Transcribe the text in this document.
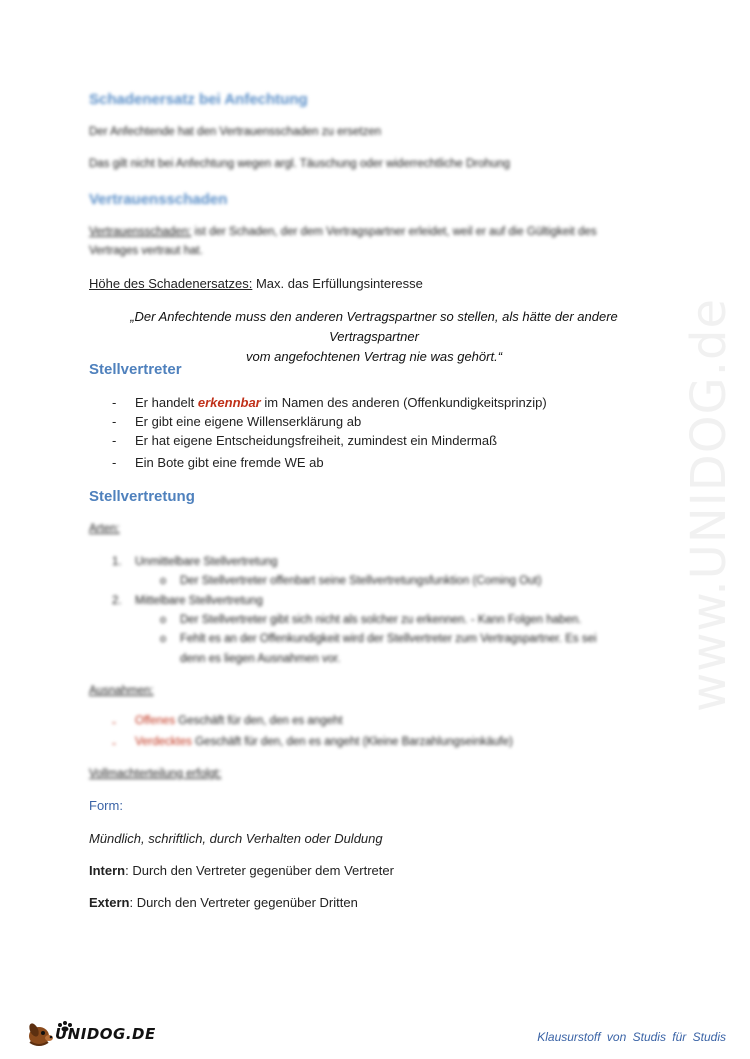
www.UNIDOG.de
Schadenersatz bei Anfechtung
Der Anfechtende hat den Vertrauensschaden zu ersetzen
Das gilt nicht bei Anfechtung wegen argl. Täuschung oder widerrechtliche Drohung
Vertrauensschaden
Vertrauensschaden: ist der Schaden, der dem Vertragspartner erleidet, weil er auf die Gültigkeit des
Vertrages vertraut hat.
Höhe des Schadenersatzes: Max. das Erfüllungsinteresse
„Der Anfechtende muss den anderen Vertragspartner so stellen, als hätte der andere Vertragspartner
vom angefochtenen Vertrag nie was gehört.“
Stellvertreter
- Er handelt erkennbar im Namen des anderen (Offenkundigkeitsprinzip)
- Er gibt eine eigene Willenserklärung ab
- Er hat eigene Entscheidungsfreiheit, zumindest ein Mindermaß
- Ein Bote gibt eine fremde WE ab
Stellvertretung
Arten:
1. Unmittelbare Stellvertretung
o Der Stellvertreter offenbart seine Stellvertretungsfunktion (Coming Out)
2. Mittelbare Stellvertretung
o Der Stellvertreter gibt sich nicht als solcher zu erkennen. - Kann Folgen haben.
o Fehlt es an der Offenkundigkeit wird der Stellvertreter zum Vertragspartner. Es sei
denn es liegen Ausnahmen vor.
Ausnahmen:
- Offenes Geschäft für den, den es angeht
- Verdecktes Geschäft für den, den es angeht (Kleine Barzahlungseinkäufe)
Vollmachterteilung erfolgt:
Form:
Mündlich, schriftlich, durch Verhalten oder Duldung
Intern: Durch den Vertreter gegenüber dem Vertreter
Extern: Durch den Vertreter gegenüber Dritten
UNIDOG.DE	Klausurstoff von Studis für Studis
